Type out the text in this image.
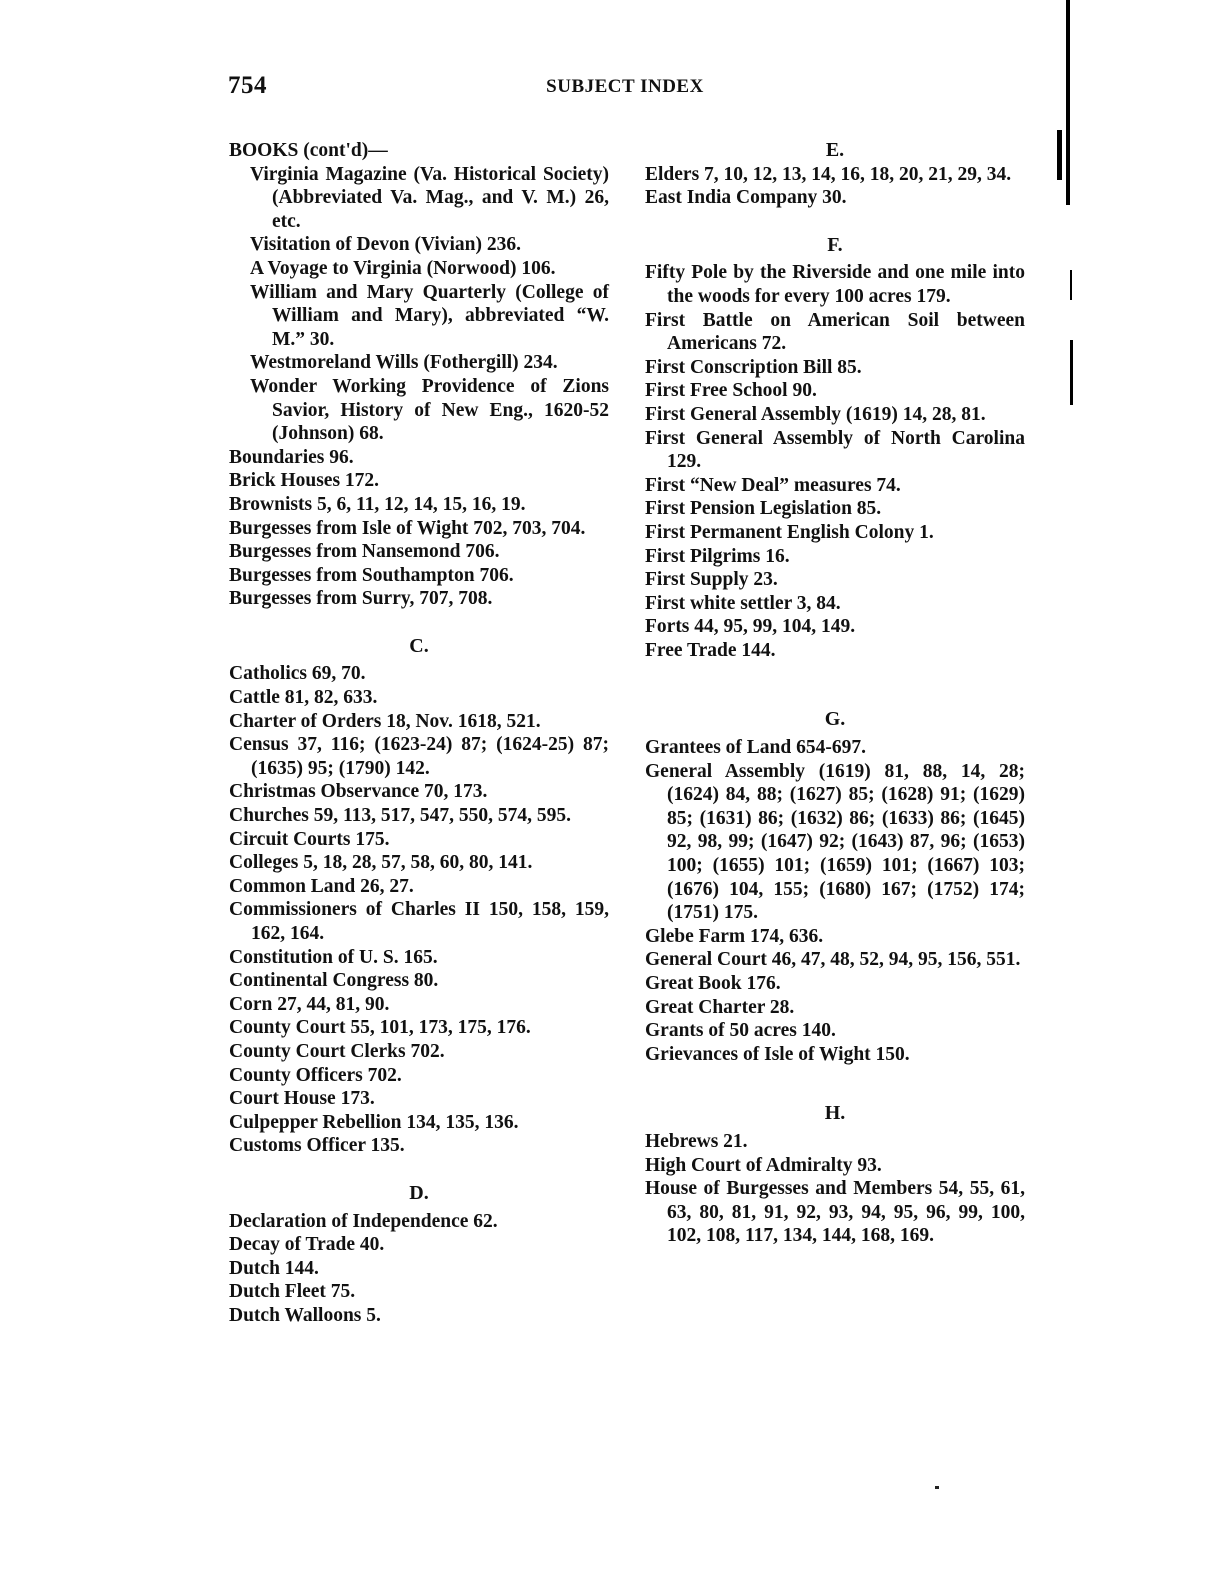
754	SUBJECT INDEX

BOOKS (cont'd)—

Virginia Magazine (Va. Historical Society) (Abbreviated Va. Mag., and V. M.) 26, etc.

Visitation of Devon (Vivian) 236.

A Voyage to Virginia (Norwood) 106.

William and Mary Quarterly (College of William and Mary), abbreviated “W. M.” 30.

Westmoreland Wills (Fothergill) 234.

Wonder Working Providence of Zions Savior, History of New Eng., 1620-52 (Johnson) 68.

Boundaries 96.

Brick Houses 172.

Brownists 5, 6, 11, 12, 14, 15, 16, 19.

Burgesses from Isle of Wight 702, 703, 704.

Burgesses from Nansemond 706.

Burgesses from Southampton 706.

Burgesses from Surry, 707, 708.

C.

Catholics 69, 70.

Cattle 81, 82, 633.

Charter of Orders 18, Nov. 1618, 521.

Census 37, 116; (1623-24) 87; (1624-25) 87; (1635) 95; (1790) 142.

Christmas Observance 70, 173.

Churches 59, 113, 517, 547, 550, 574, 595.

Circuit Courts 175.

Colleges 5, 18, 28, 57, 58, 60, 80, 141.

Common Land 26, 27.

Commissioners of Charles II 150, 158, 159, 162, 164.

Constitution of U. S. 165.

Continental Congress 80.

Corn 27, 44, 81, 90.

County Court 55, 101, 173, 175, 176.

County Court Clerks 702.

County Officers 702.

Court House 173.

Culpepper Rebellion 134, 135, 136.

Customs Officer 135.

D.

Declaration of Independence 62.

Decay of Trade 40.

Dutch 144.

Dutch Fleet 75.

Dutch Walloons 5.

E.

Elders 7, 10, 12, 13, 14, 16, 18, 20, 21, 29, 34.

East India Company 30.

F.

Fifty Pole by the Riverside and one mile into the woods for every 100 acres 179.

First Battle on American Soil between Americans 72.

First Conscription Bill 85.

First Free School 90.

First General Assembly (1619) 14, 28, 81.

First General Assembly of North Carolina 129.

First “New Deal” measures 74.

First Pension Legislation 85.

First Permanent English Colony 1.

First Pilgrims 16.

First Supply 23.

First white settler 3, 84.

Forts 44, 95, 99, 104, 149.

Free Trade 144.

G.

Grantees of Land 654-697.

General Assembly (1619) 81, 88, 14, 28; (1624) 84, 88; (1627) 85; (1628) 91; (1629) 85; (1631) 86; (1632) 86; (1633) 86; (1645) 92, 98, 99; (1647) 92; (1643) 87, 96; (1653) 100; (1655) 101; (1659) 101; (1667) 103; (1676) 104, 155; (1680) 167; (1752) 174; (1751) 175.

Glebe Farm 174, 636.

General Court 46, 47, 48, 52, 94, 95, 156, 551.

Great Book 176.

Great Charter 28.

Grants of 50 acres 140.

Grievances of Isle of Wight 150.

H.

Hebrews 21.

High Court of Admiralty 93.

House of Burgesses and Members 54, 55, 61, 63, 80, 81, 91, 92, 93, 94, 95, 96, 99, 100, 102, 108, 117, 134, 144, 168, 169.
